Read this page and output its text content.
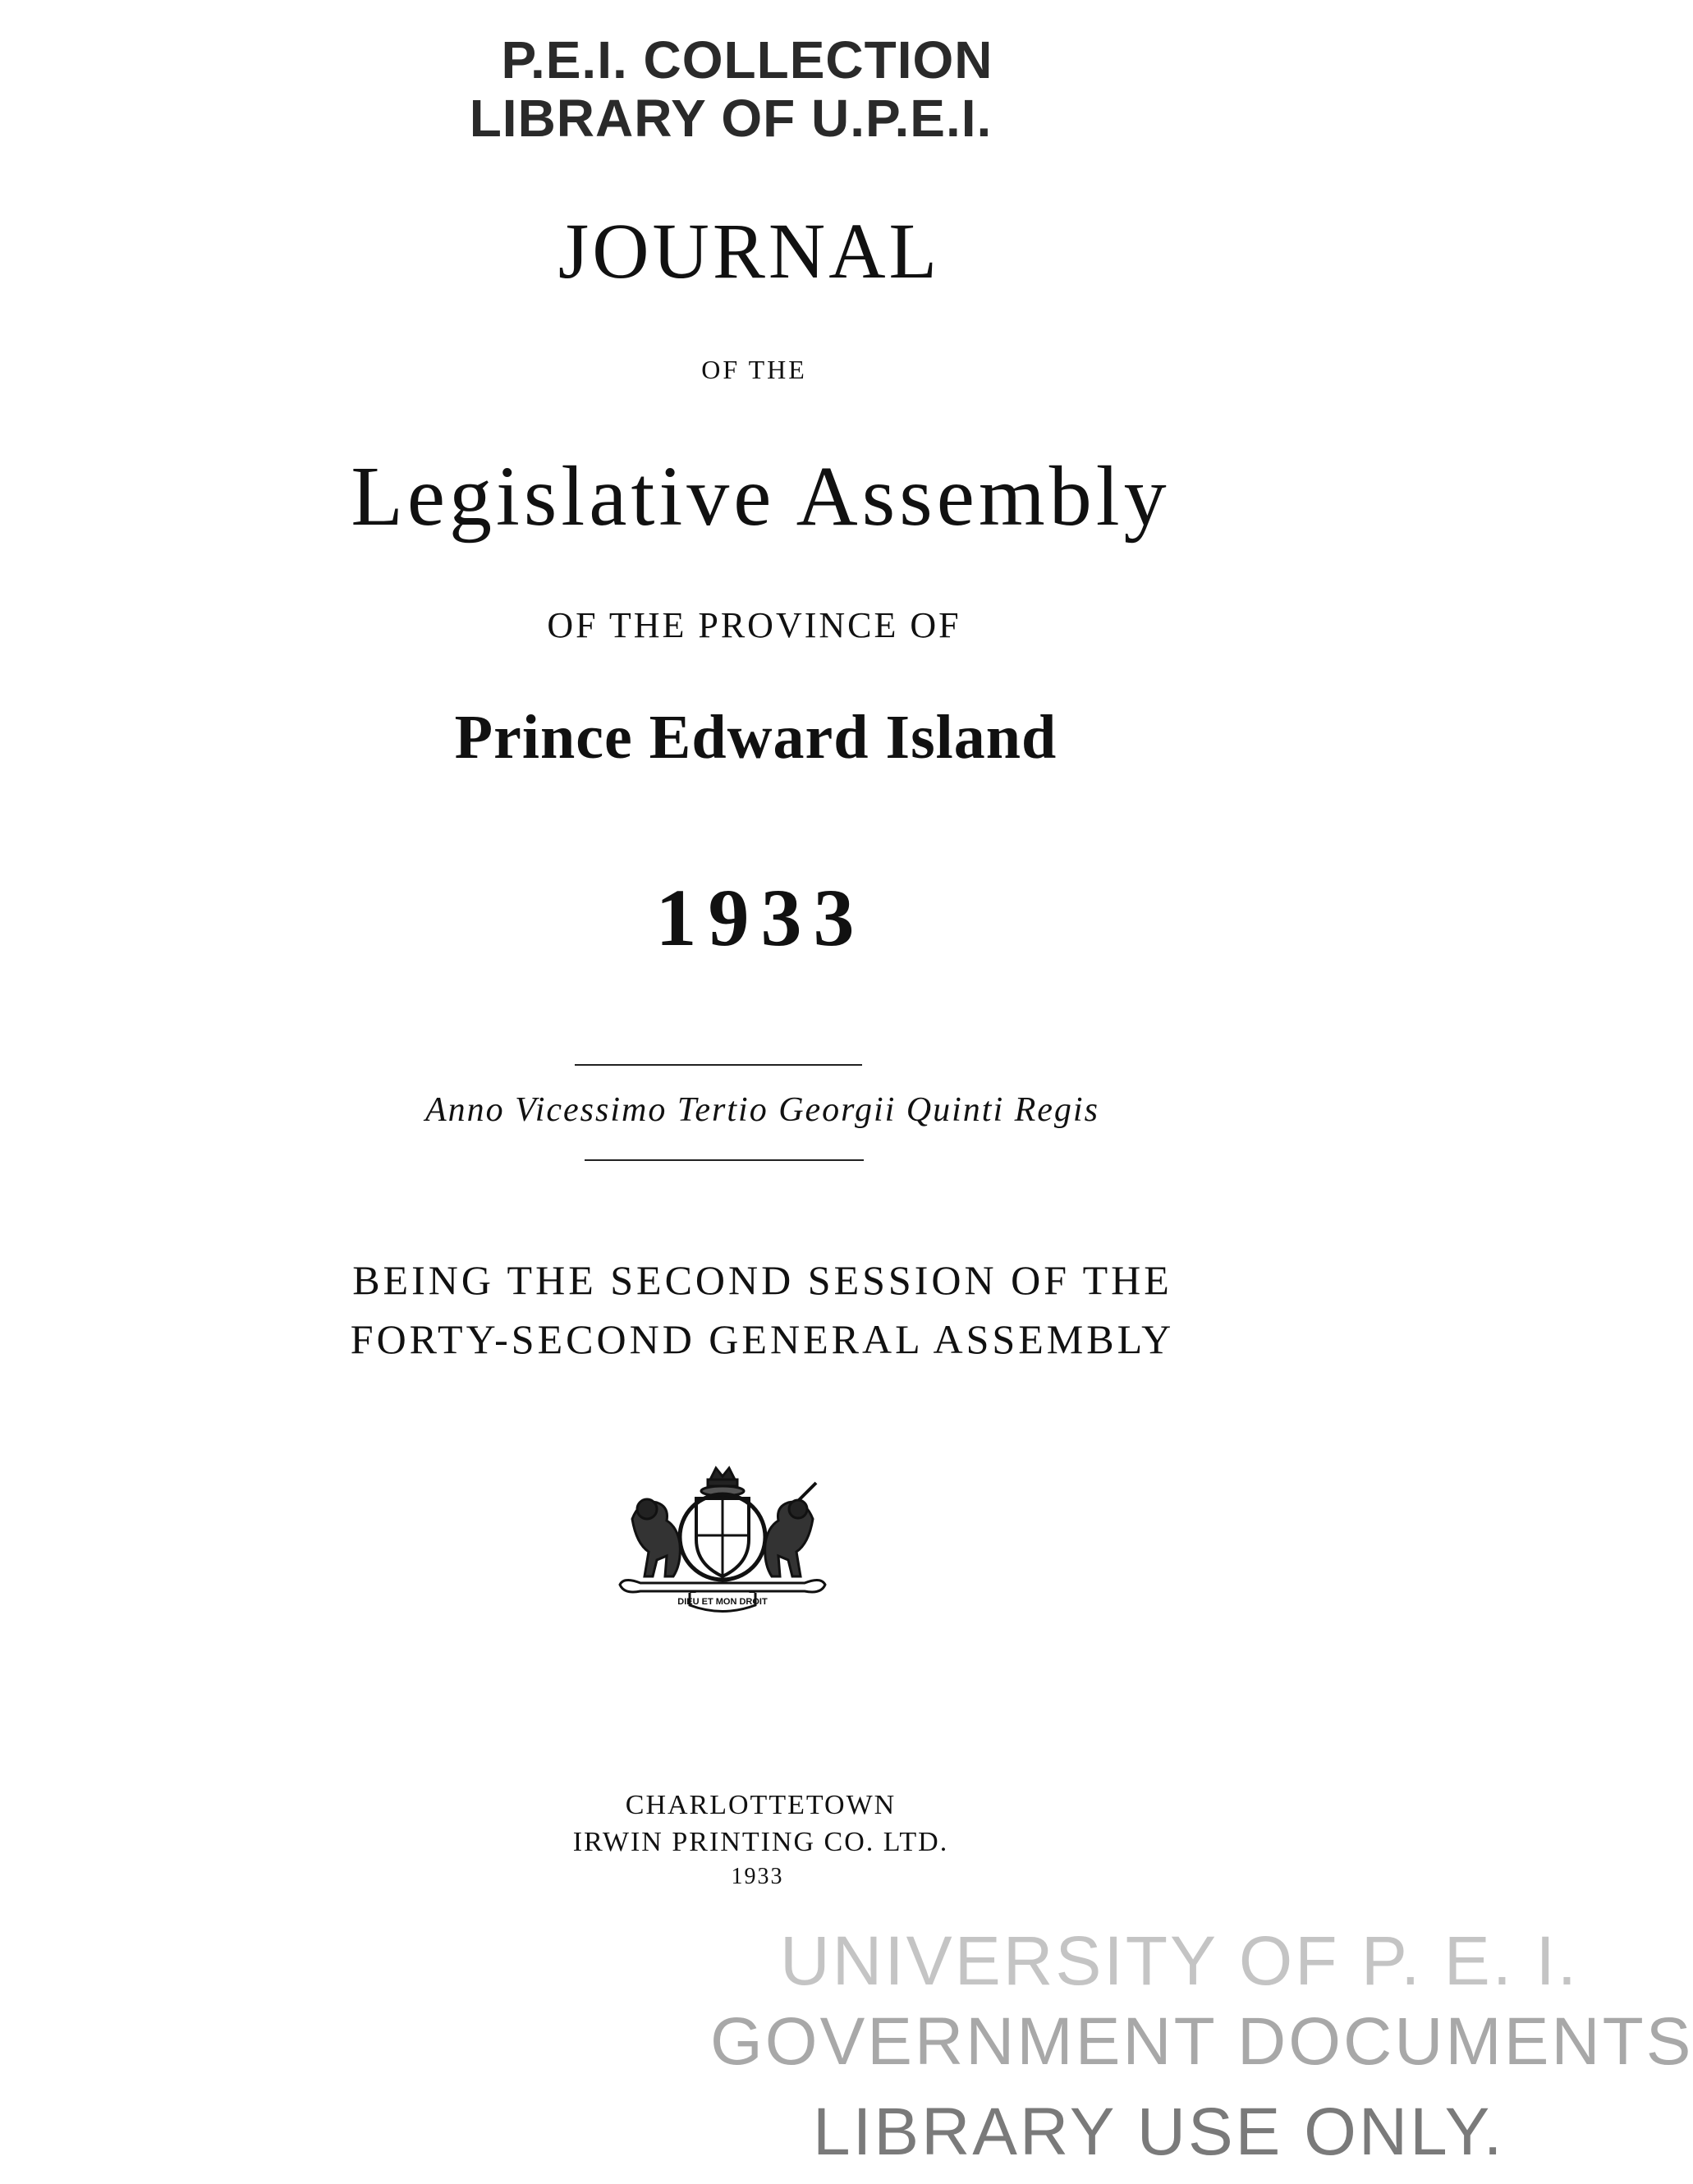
P.E.I. COLLECTION
LIBRARY OF U.P.E.I.
JOURNAL
OF THE
Legislative Assembly
OF THE PROVINCE OF
Prince Edward Island
1933
Anno Vicessimo Tertio Georgii Quinti Regis
BEING THE SECOND SESSION OF THE
FORTY-SECOND GENERAL ASSEMBLY
DIEU ET MON DROIT
CHARLOTTETOWN
IRWIN PRINTING CO. LTD.
1933
UNIVERSITY OF P. E. I.
GOVERNMENT DOCUMENTS
LIBRARY USE ONLY.
